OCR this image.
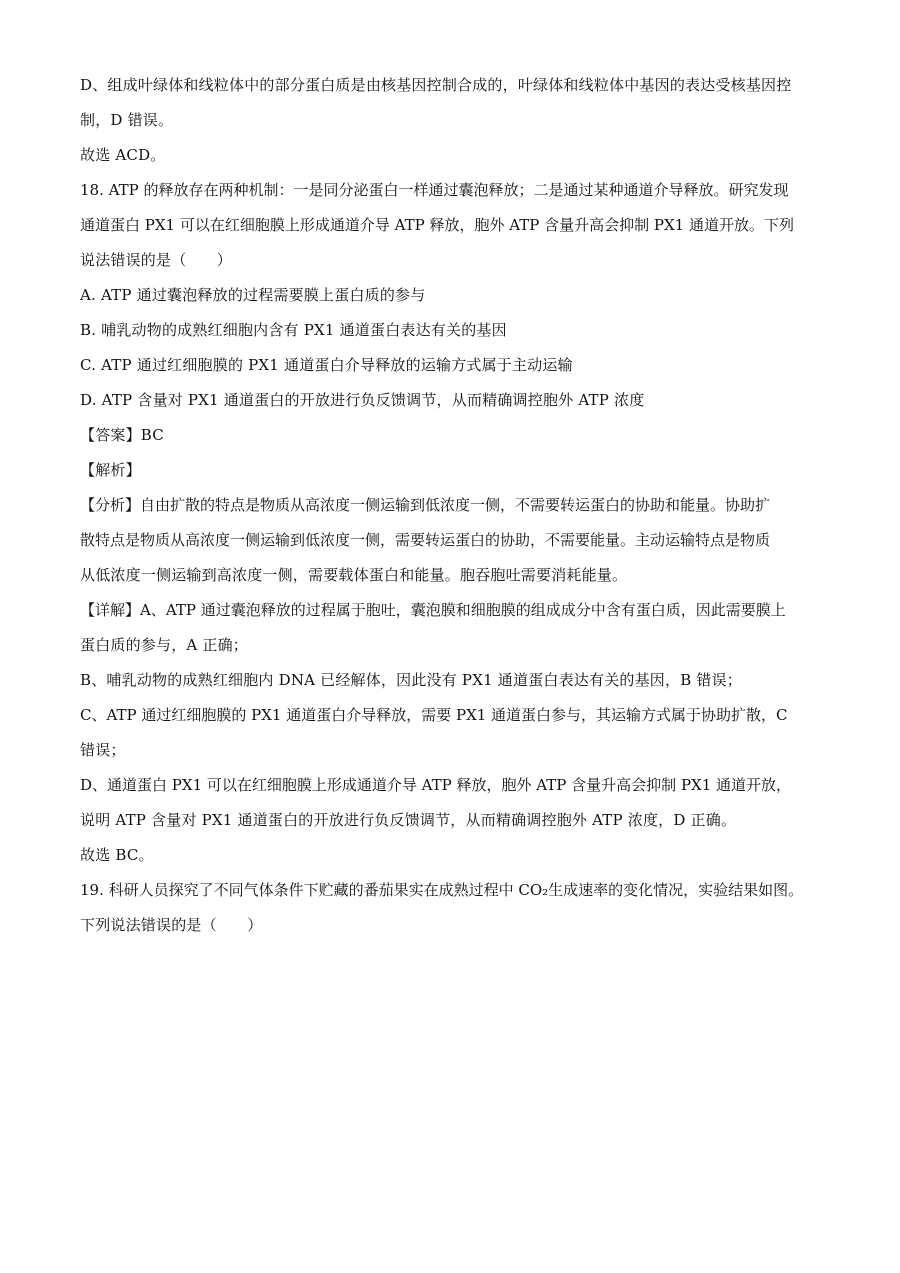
D、组成叶绿体和线粒体中的部分蛋白质是由核基因控制合成的，叶绿体和线粒体中基因的表达受核基因控
制，D 错误。
故选 ACD。
18. ATP 的释放存在两种机制：一是同分泌蛋白一样通过囊泡释放；二是通过某种通道介导释放。研究发现
通道蛋白 PX1 可以在红细胞膜上形成通道介导 ATP 释放，胞外 ATP 含量升高会抑制 PX1 通道开放。下列
说法错误的是（　　）
A. ATP 通过囊泡释放的过程需要膜上蛋白质的参与
B. 哺乳动物的成熟红细胞内含有 PX1 通道蛋白表达有关的基因
C. ATP 通过红细胞膜的 PX1 通道蛋白介导释放的运输方式属于主动运输
D. ATP 含量对 PX1 通道蛋白的开放进行负反馈调节，从而精确调控胞外 ATP 浓度
【答案】BC
【解析】
【分析】自由扩散的特点是物质从高浓度一侧运输到低浓度一侧，不需要转运蛋白的协助和能量。协助扩
散特点是物质从高浓度一侧运输到低浓度一侧，需要转运蛋白的协助，不需要能量。主动运输特点是物质
从低浓度一侧运输到高浓度一侧，需要载体蛋白和能量。胞吞胞吐需要消耗能量。
【详解】A、ATP 通过囊泡释放的过程属于胞吐，囊泡膜和细胞膜的组成成分中含有蛋白质，因此需要膜上
蛋白质的参与，A 正确；
B、哺乳动物的成熟红细胞内 DNA 已经解体，因此没有 PX1 通道蛋白表达有关的基因，B 错误；
C、ATP 通过红细胞膜的 PX1 通道蛋白介导释放，需要 PX1 通道蛋白参与，其运输方式属于协助扩散，C
错误；
D、通道蛋白 PX1 可以在红细胞膜上形成通道介导 ATP 释放，胞外 ATP 含量升高会抑制 PX1 通道开放，
说明 ATP 含量对 PX1 通道蛋白的开放进行负反馈调节，从而精确调控胞外 ATP 浓度，D 正确。
故选 BC。
19. 科研人员探究了不同气体条件下贮藏的番茄果实在成熟过程中 CO₂生成速率的变化情况，实验结果如图。
下列说法错误的是（　　）
